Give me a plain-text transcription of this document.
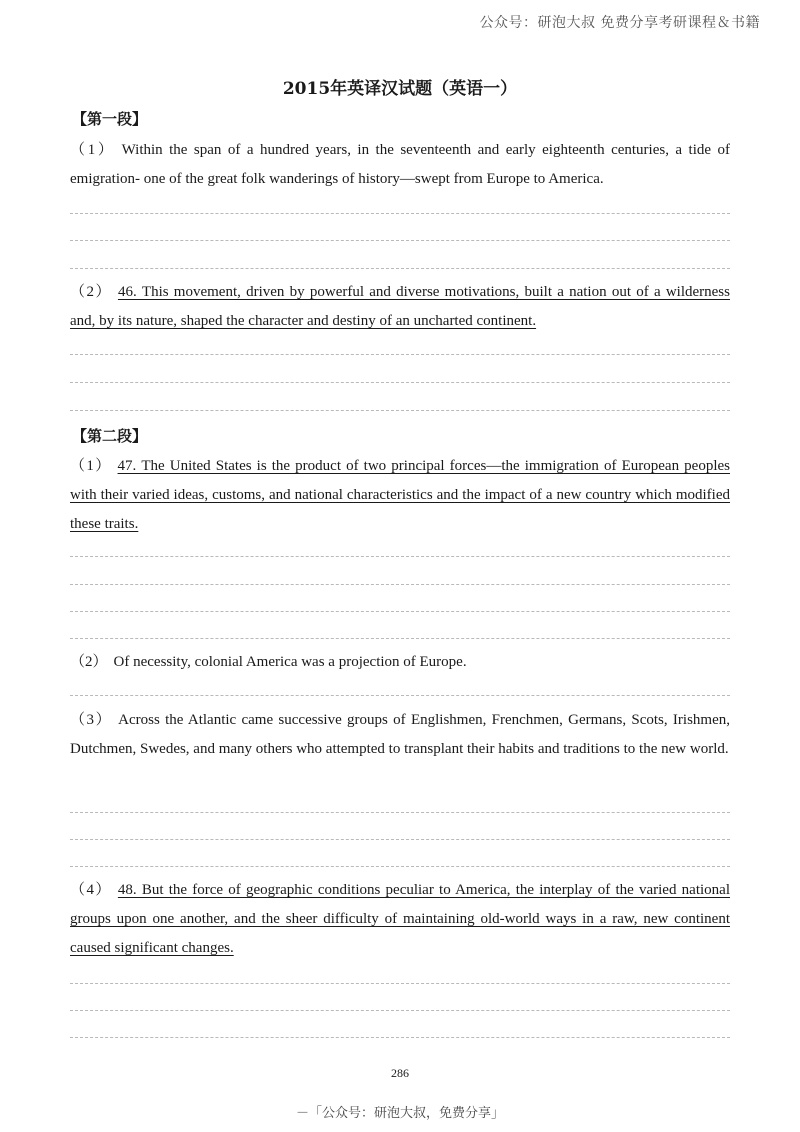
公众号：研泡大叔 免费分享考研课程＆书籍
2015年英译汉试题（英语一）
【第一段】
（1） Within the span of a hundred years, in the seventeenth and early eighteenth centuries, a tide of emigration- one of the great folk wanderings of history—swept from Europe to America.
（2） 46. This movement, driven by powerful and diverse motivations, built a nation out of a wilderness and, by its nature, shaped the character and destiny of an uncharted continent.
【第二段】
（1） 47. The United States is the product of two principal forces—the immigration of European peoples with their varied ideas, customs, and national characteristics and the impact of a new country which modified these traits.
（2） Of necessity, colonial America was a projection of Europe.
（3） Across the Atlantic came successive groups of Englishmen, Frenchmen, Germans, Scots, Irishmen, Dutchmen, Swedes, and many others who attempted to transplant their habits and traditions to the new world.
（4） 48. But the force of geographic conditions peculiar to America, the interplay of the varied national groups upon one another, and the sheer difficulty of maintaining old-world ways in a raw, new continent caused significant changes.
286
－「公众号：研泡大叔，免费分享」
